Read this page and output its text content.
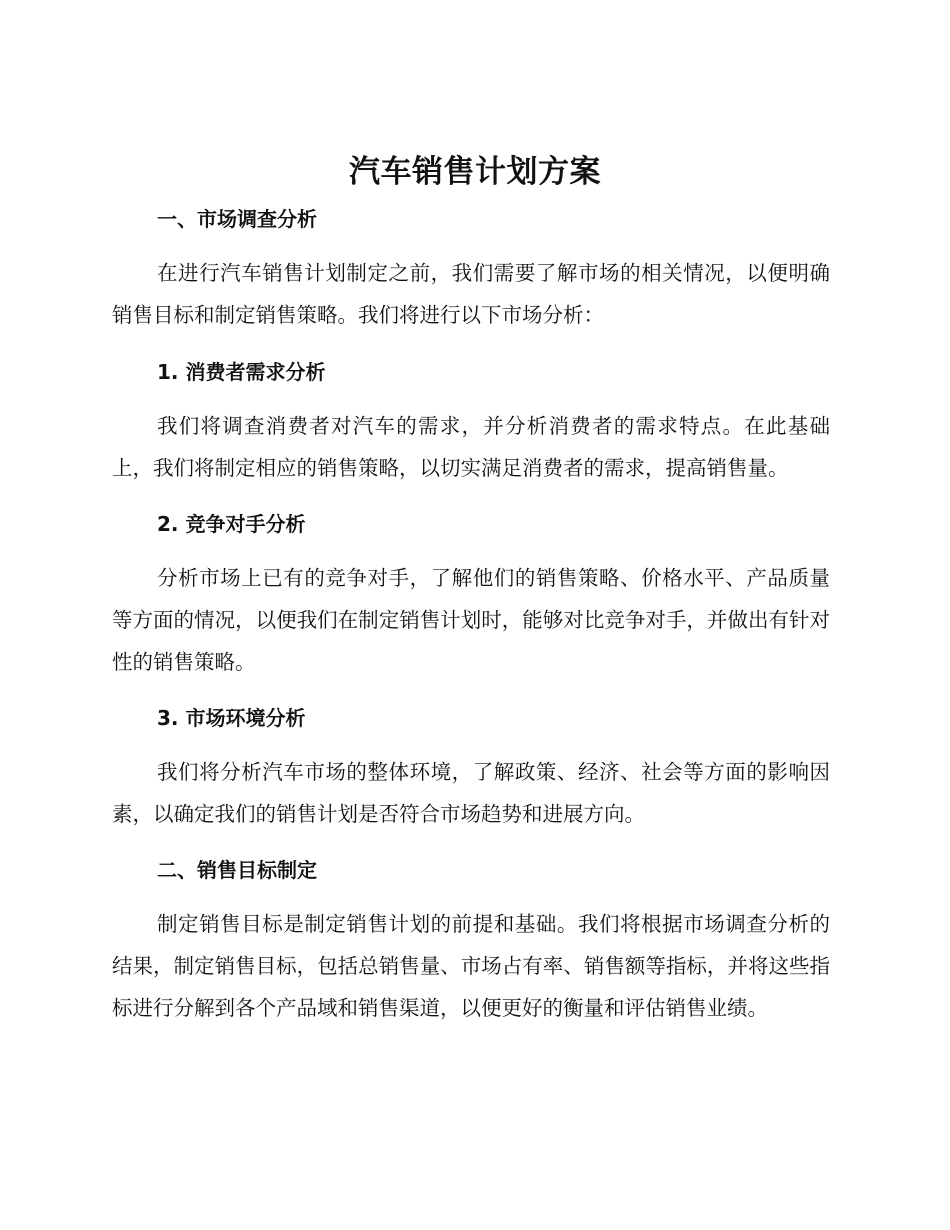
汽车销售计划方案
一、市场调查分析

在进行汽车销售计划制定之前，我们需要了解市场的相关情况，以便明确销售目标和制定销售策略。我们将进行以下市场分析：

1. 消费者需求分析

我们将调查消费者对汽车的需求，并分析消费者的需求特点。在此基础上，我们将制定相应的销售策略，以切实满足消费者的需求，提高销售量。

2. 竞争对手分析

分析市场上已有的竞争对手，了解他们的销售策略、价格水平、产品质量等方面的情况，以便我们在制定销售计划时，能够对比竞争对手，并做出有针对性的销售策略。

3. 市场环境分析

我们将分析汽车市场的整体环境，了解政策、经济、社会等方面的影响因素，以确定我们的销售计划是否符合市场趋势和进展方向。

二、销售目标制定

制定销售目标是制定销售计划的前提和基础。我们将根据市场调查分析的结果，制定销售目标，包括总销售量、市场占有率、销售额等指标，并将这些指标进行分解到各个产品域和销售渠道，以便更好的衡量和评估销售业绩。
